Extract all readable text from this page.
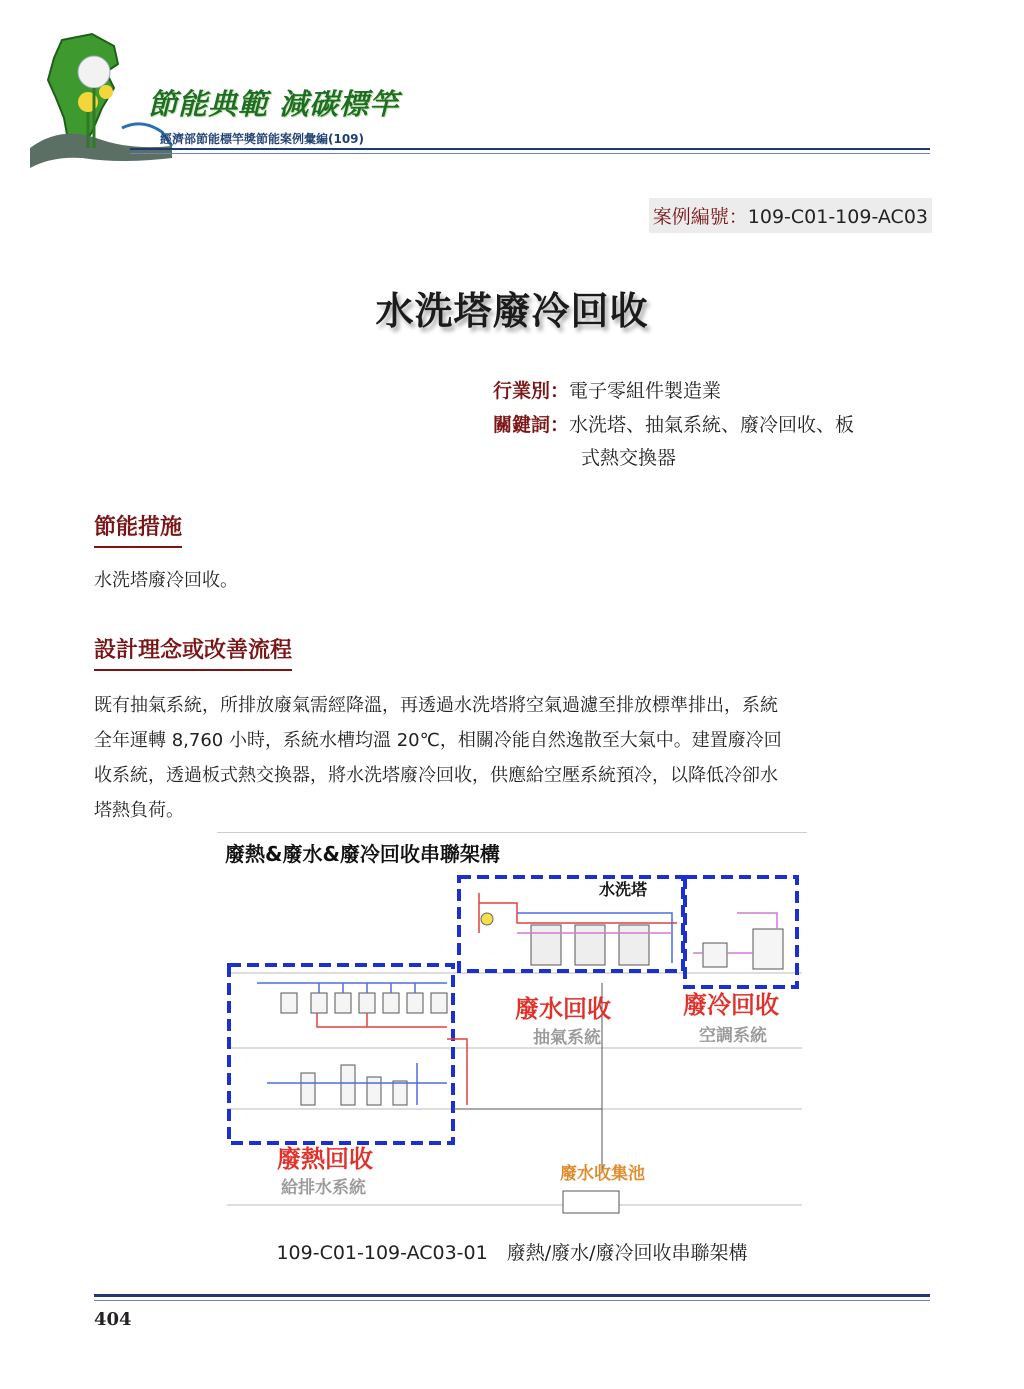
節能典範 減碳標竿
經濟部節能標竿獎節能案例彙編(109)
案例編號：109-C01-109-AC03
水洗塔廢冷回收
行業別：電子零組件製造業
關鍵詞：水洗塔、抽氣系統、廢冷回收、板
式熱交換器
節能措施
水洗塔廢冷回收。
設計理念或改善流程
既有抽氣系統，所排放廢氣需經降溫，再透過水洗塔將空氣過濾至排放標準排出，系統
全年運轉 8,760 小時，系統水槽均溫 20℃，相關冷能自然逸散至大氣中。建置廢冷回
收系統，透過板式熱交換器，將水洗塔廢冷回收，供應給空壓系統預冷，以降低冷卻水
塔熱負荷。
廢熱&廢水&廢冷回收串聯架構
水洗塔
廢水回收
抽氣系統
廢冷回收
空調系統
廢熱回收
給排水系統
廢水收集池
109-C01-109-AC03-01　廢熱/廢水/廢冷回收串聯架構
404
